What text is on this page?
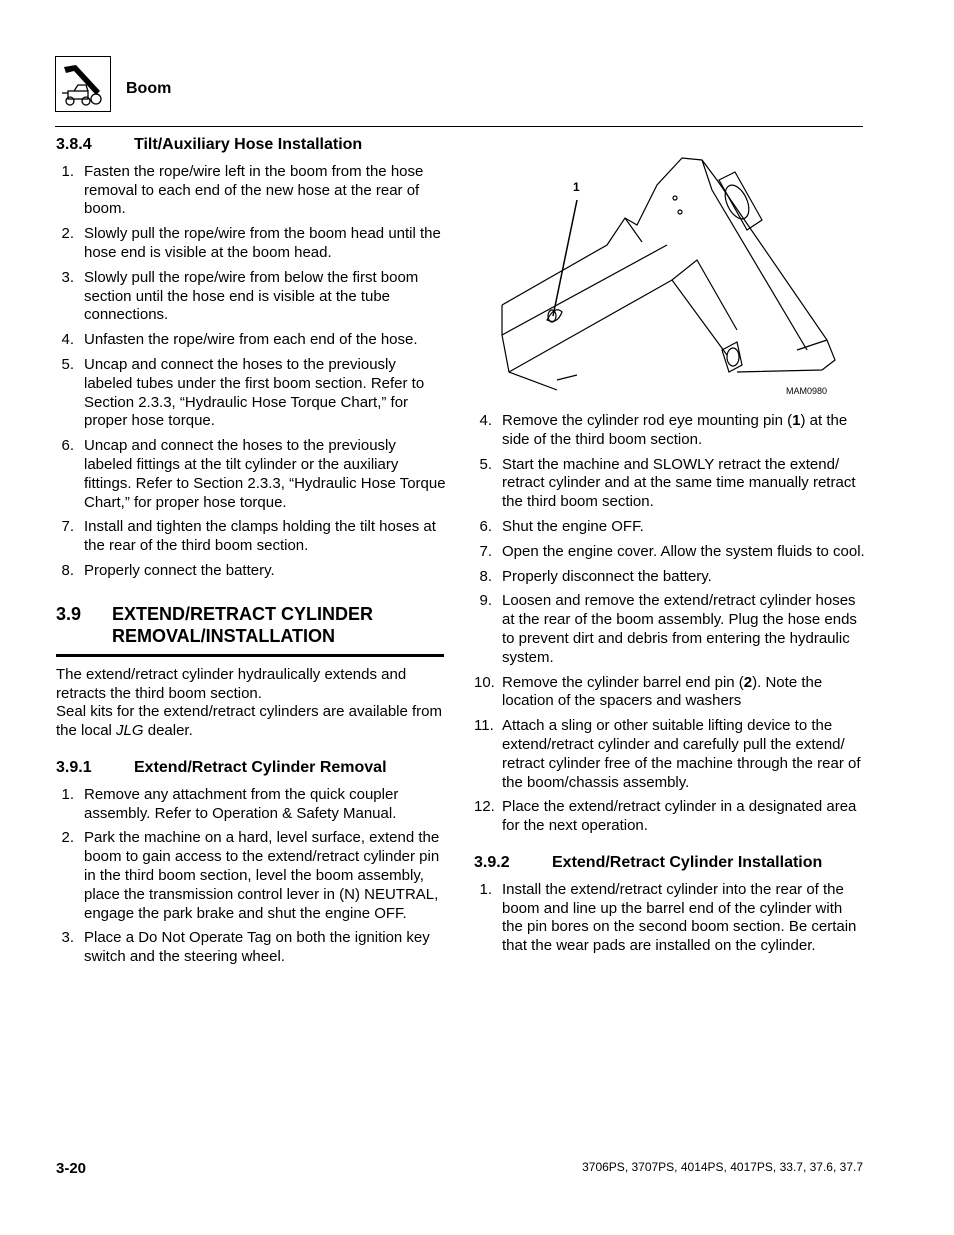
Boom
3.8.4	Tilt/Auxiliary Hose Installation
1. Fasten the rope/wire left in the boom from the hose removal to each end of the new hose at the rear of boom.
2. Slowly pull the rope/wire from the boom head until the hose end is visible at the boom head.
3. Slowly pull the rope/wire from below the first boom section until the hose end is visible at the tube connections.
4. Unfasten the rope/wire from each end of the hose.
5. Uncap and connect the hoses to the previously labeled tubes under the first boom section. Refer to Section 2.3.3, “Hydraulic Hose Torque Chart,” for proper hose torque.
6. Uncap and connect the hoses to the previously labeled fittings at the tilt cylinder or the auxiliary fittings. Refer to Section 2.3.3, “Hydraulic Hose Torque Chart,” for proper hose torque.
7. Install and tighten the clamps holding the tilt hoses at the rear of the third boom section.
8. Properly connect the battery.
3.9	EXTEND/RETRACT CYLINDER
REMOVAL/INSTALLATION

The extend/retract cylinder hydraulically extends and retracts the third boom section.

Seal kits for the extend/retract cylinders are available from the local JLG dealer.

3.9.1	Extend/Retract Cylinder Removal
1. Remove any attachment from the quick coupler assembly. Refer to Operation & Safety Manual.
2. Park the machine on a hard, level surface, extend the boom to gain access to the extend/retract cylinder pin in the third boom section, level the boom assembly, place the transmission control lever in (N) NEUTRAL, engage the park brake and shut the engine OFF.
3. Place a Do Not Operate Tag on both the ignition key switch and the steering wheel.
1
MAM0980
4. Remove the cylinder rod eye mounting pin (1) at the side of the third boom section.
5. Start the machine and SLOWLY retract the extend/ retract cylinder and at the same time manually retract the third boom section.
6. Shut the engine OFF.
7. Open the engine cover. Allow the system fluids to cool.
8. Properly disconnect the battery.
9. Loosen and remove the extend/retract cylinder hoses at the rear of the boom assembly. Plug the hose ends to prevent dirt and debris from entering the hydraulic system.
10. Remove the cylinder barrel end pin (2). Note the location of the spacers and washers
11. Attach a sling or other suitable lifting device to the extend/retract cylinder and carefully pull the extend/ retract cylinder free of the machine through the rear of the boom/chassis assembly.
12. Place the extend/retract cylinder in a designated area for the next operation.
3.9.2	Extend/Retract Cylinder Installation
1. Install the extend/retract cylinder into the rear of the boom and line up the barrel end of the cylinder with the pin bores on the second boom section. Be certain that the wear pads are installed on the cylinder.
3-20	3706PS, 3707PS, 4014PS, 4017PS, 33.7, 37.6, 37.7
